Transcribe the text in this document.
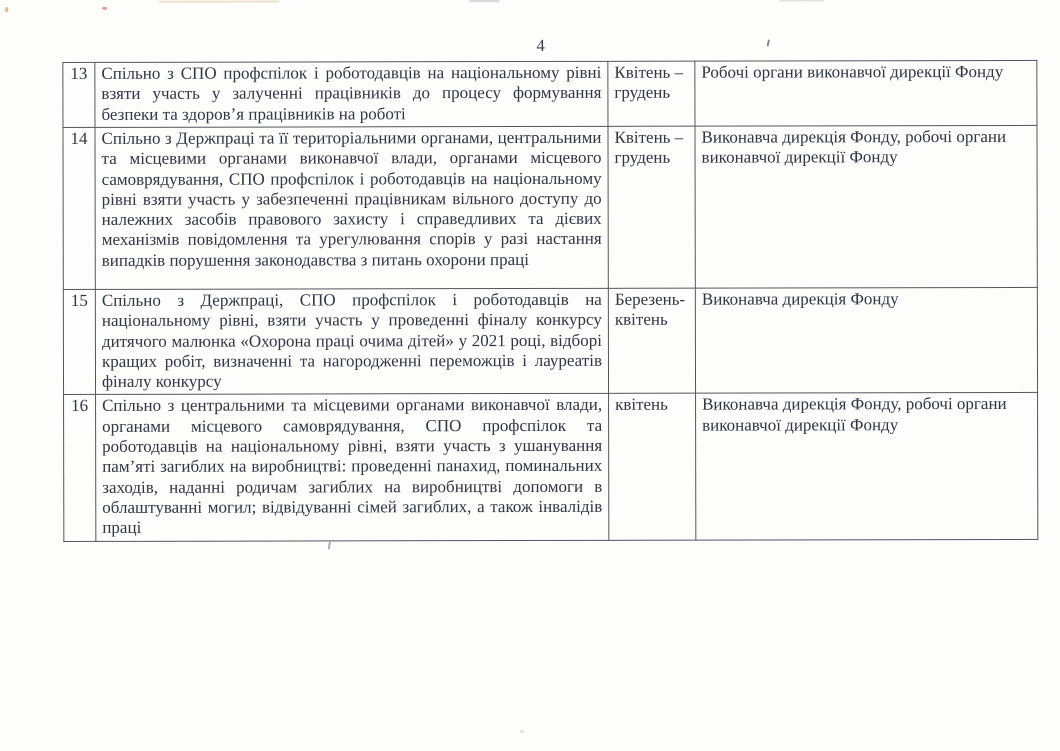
4
13	Спільно з СПО профспілок і роботодавців на національному рівні взяти участь у залученні працівників до процесу формування безпеки та здоров’я працівників на роботі	Квітень – грудень	Робочі органи виконавчої дирекції Фонду
14	Спільно з Держпраці та її територіальними органами, центральними та місцевими органами виконавчої влади, органами місцевого самоврядування, СПО профспілок і роботодавців на національному рівні взяти участь у забезпеченні працівникам вільного доступу до належних засобів правового захисту і справедливих та дієвих механізмів повідомлення та урегулювання спорів у разі настання випадків порушення законодавства з питань охорони праці	Квітень – грудень	Виконавча дирекція Фонду, робочі органи виконавчої дирекції Фонду
15	Спільно з Держпраці, СПО профспілок і роботодавців на національному рівні, взяти участь у проведенні фіналу конкурсу дитячого малюнка «Охорона праці очима дітей» у 2021 році, відборі кращих робіт, визначенні та нагородженні переможців і лауреатів фіналу конкурсу	Березень-квітень	Виконавча дирекція Фонду
16	Спільно з центральними та місцевими органами виконавчої влади, органами місцевого самоврядування, СПО профспілок та роботодавців на національному рівні, взяти участь з ушанування пам’яті загиблих на виробництві: проведенні панахид, поминальних заходів, наданні родичам загиблих на виробництві допомоги в облаштуванні могил; відвідуванні сімей загиблих, а також інвалідів праці	квітень	Виконавча дирекція Фонду, робочі органи виконавчої дирекції Фонду
